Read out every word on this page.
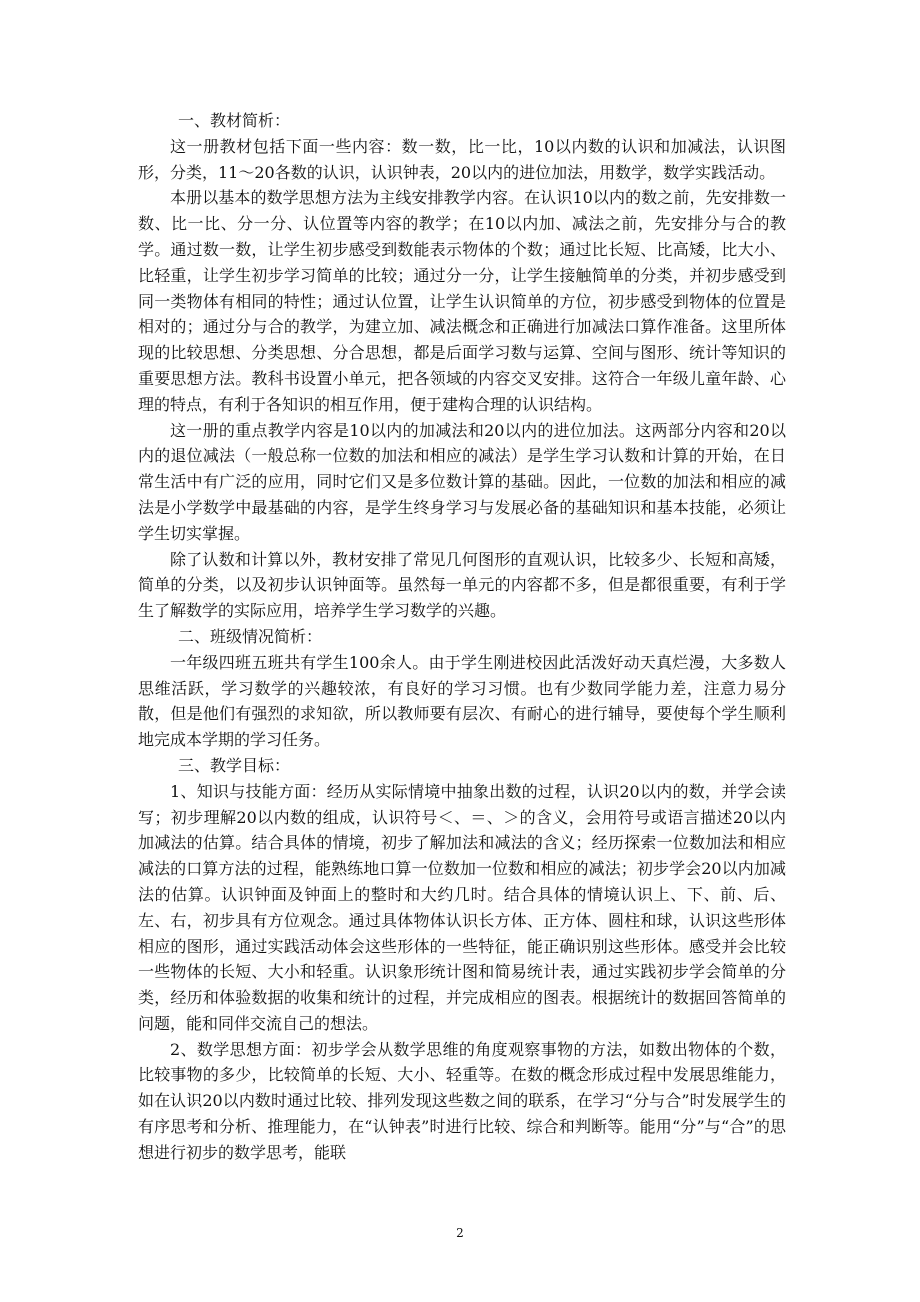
一、教材简析：

这一册教材包括下面一些内容：数一数，比一比，10以内数的认识和加减法，认识图形，分类，11～20各数的认识，认识钟表，20以内的进位加法，用数学，数学实践活动。

本册以基本的数学思想方法为主线安排教学内容。在认识10以内的数之前，先安排数一数、比一比、分一分、认位置等内容的教学；在10以内加、减法之前，先安排分与合的教学。通过数一数，让学生初步感受到数能表示物体的个数；通过比长短、比高矮，比大小、比轻重，让学生初步学习简单的比较；通过分一分，让学生接触简单的分类，并初步感受到同一类物体有相同的特性；通过认位置，让学生认识简单的方位，初步感受到物体的位置是相对的；通过分与合的教学，为建立加、减法概念和正确进行加减法口算作准备。这里所体现的比较思想、分类思想、分合思想，都是后面学习数与运算、空间与图形、统计等知识的重要思想方法。教科书设置小单元，把各领域的内容交叉安排。这符合一年级儿童年龄、心理的特点，有利于各知识的相互作用，便于建构合理的认识结构。

这一册的重点教学内容是10以内的加减法和20以内的进位加法。这两部分内容和20以内的退位减法（一般总称一位数的加法和相应的减法）是学生学习认数和计算的开始，在日常生活中有广泛的应用，同时它们又是多位数计算的基础。因此，一位数的加法和相应的减法是小学数学中最基础的内容，是学生终身学习与发展必备的基础知识和基本技能，必须让学生切实掌握。

除了认数和计算以外，教材安排了常见几何图形的直观认识，比较多少、长短和高矮，简单的分类，以及初步认识钟面等。虽然每一单元的内容都不多，但是都很重要，有利于学生了解数学的实际应用，培养学生学习数学的兴趣。

二、班级情况简析：

一年级四班五班共有学生100余人。由于学生刚进校因此活泼好动天真烂漫，大多数人思维活跃，学习数学的兴趣较浓，有良好的学习习惯。也有少数同学能力差，注意力易分散，但是他们有强烈的求知欲，所以教师要有层次、有耐心的进行辅导，要使每个学生顺利地完成本学期的学习任务。

三、教学目标：

1、知识与技能方面：经历从实际情境中抽象出数的过程，认识20以内的数，并学会读写；初步理解20以内数的组成，认识符号＜、＝、＞的含义，会用符号或语言描述20以内加减法的估算。结合具体的情境，初步了解加法和减法的含义；经历探索一位数加法和相应减法的口算方法的过程，能熟练地口算一位数加一位数和相应的减法；初步学会20以内加减法的估算。认识钟面及钟面上的整时和大约几时。结合具体的情境认识上、下、前、后、左、右，初步具有方位观念。通过具体物体认识长方体、正方体、圆柱和球，认识这些形体相应的图形，通过实践活动体会这些形体的一些特征，能正确识别这些形体。感受并会比较一些物体的长短、大小和轻重。认识象形统计图和简易统计表，通过实践初步学会简单的分类，经历和体验数据的收集和统计的过程，并完成相应的图表。根据统计的数据回答简单的问题，能和同伴交流自己的想法。

2、数学思想方面：初步学会从数学思维的角度观察事物的方法，如数出物体的个数，比较事物的多少，比较简单的长短、大小、轻重等。在数的概念形成过程中发展思维能力，如在认识20以内数时通过比较、排列发现这些数之间的联系，在学习“分与合”时发展学生的有序思考和分析、推理能力，在“认钟表”时进行比较、综合和判断等。能用“分”与“合”的思想进行初步的数学思考，能联

2
